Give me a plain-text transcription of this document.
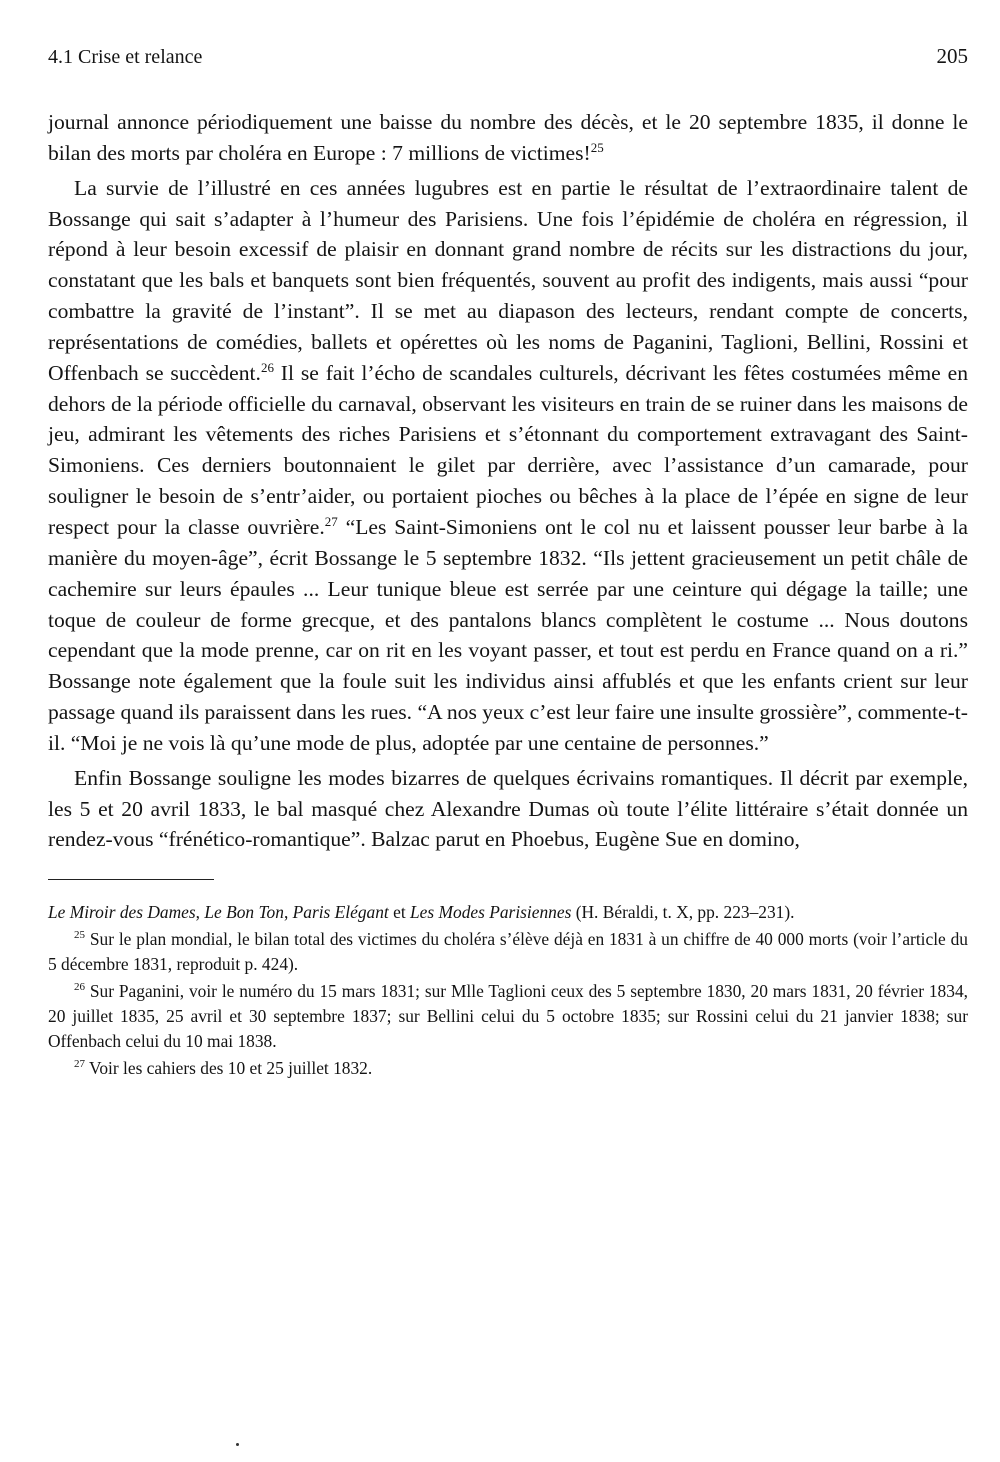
4.1 Crise et relance	205

journal annonce périodiquement une baisse du nombre des décès, et le 20 septembre 1835, il donne le bilan des morts par choléra en Europe : 7 millions de victimes!$^{25}$

La survie de l’illustré en ces années lugubres est en partie le résultat de l’extraordinaire talent de Bossange qui sait s’adapter à l’humeur des Parisiens. Une fois l’épidémie de choléra en régression, il répond à leur besoin excessif de plaisir en donnant grand nombre de récits sur les distractions du jour, constatant que les bals et banquets sont bien fréquentés, souvent au profit des indigents, mais aussi “pour combattre la gravité de l’instant”. Il se met au diapason des lecteurs, rendant compte de concerts, représentations de comédies, ballets et opérettes où les noms de Paganini, Taglioni, Bellini, Rossini et Offenbach se succèdent.$^{26}$ Il se fait l’écho de scandales culturels, décrivant les fêtes costumées même en dehors de la période officielle du carnaval, observant les visiteurs en train de se ruiner dans les maisons de jeu, admirant les vêtements des riches Parisiens et s’étonnant du comportement extravagant des Saint-Simoniens. Ces derniers boutonnaient le gilet par derrière, avec l’assistance d’un camarade, pour souligner le besoin de s’entr’aider, ou portaient pioches ou bêches à la place de l’épée en signe de leur respect pour la classe ouvrière.$^{27}$ “Les Saint-Simoniens ont le col nu et laissent pousser leur barbe à la manière du moyen-âge”, écrit Bossange le 5 septembre 1832. “Ils jettent gracieusement un petit châle de cachemire sur leurs épaules ... Leur tunique bleue est serrée par une ceinture qui dégage la taille; une toque de couleur de forme grecque, et des pantalons blancs complètent le costume ... Nous doutons cependant que la mode prenne, car on rit en les voyant passer, et tout est perdu en France quand on a ri.” Bossange note également que la foule suit les individus ainsi affublés et que les enfants crient sur leur passage quand ils paraissent dans les rues. “A nos yeux c’est leur faire une insulte grossière”, commente-t-il. “Moi je ne vois là qu’une mode de plus, adoptée par une centaine de personnes.”

Enfin Bossange souligne les modes bizarres de quelques écrivains romantiques. Il décrit par exemple, les 5 et 20 avril 1833, le bal masqué chez Alexandre Dumas où toute l’élite littéraire s’était donnée un rendez-vous “frénético-romantique”. Balzac parut en Phoebus, Eugène Sue en domino,

Le Miroir des Dames, Le Bon Ton, Paris Elégant et Les Modes Parisiennes (H. Béraldi, t. X, pp. 223–231).

$^{25}$ Sur le plan mondial, le bilan total des victimes du choléra s’élève déjà en 1831 à un chiffre de 40 000 morts (voir l’article du 5 décembre 1831, reproduit p. 424).

$^{26}$ Sur Paganini, voir le numéro du 15 mars 1831; sur Mlle Taglioni ceux des 5 septembre 1830, 20 mars 1831, 20 février 1834, 20 juillet 1835, 25 avril et 30 septembre 1837; sur Bellini celui du 5 octobre 1835; sur Rossini celui du 21 janvier 1838; sur Offenbach celui du 10 mai 1838.

$^{27}$ Voir les cahiers des 10 et 25 juillet 1832.
